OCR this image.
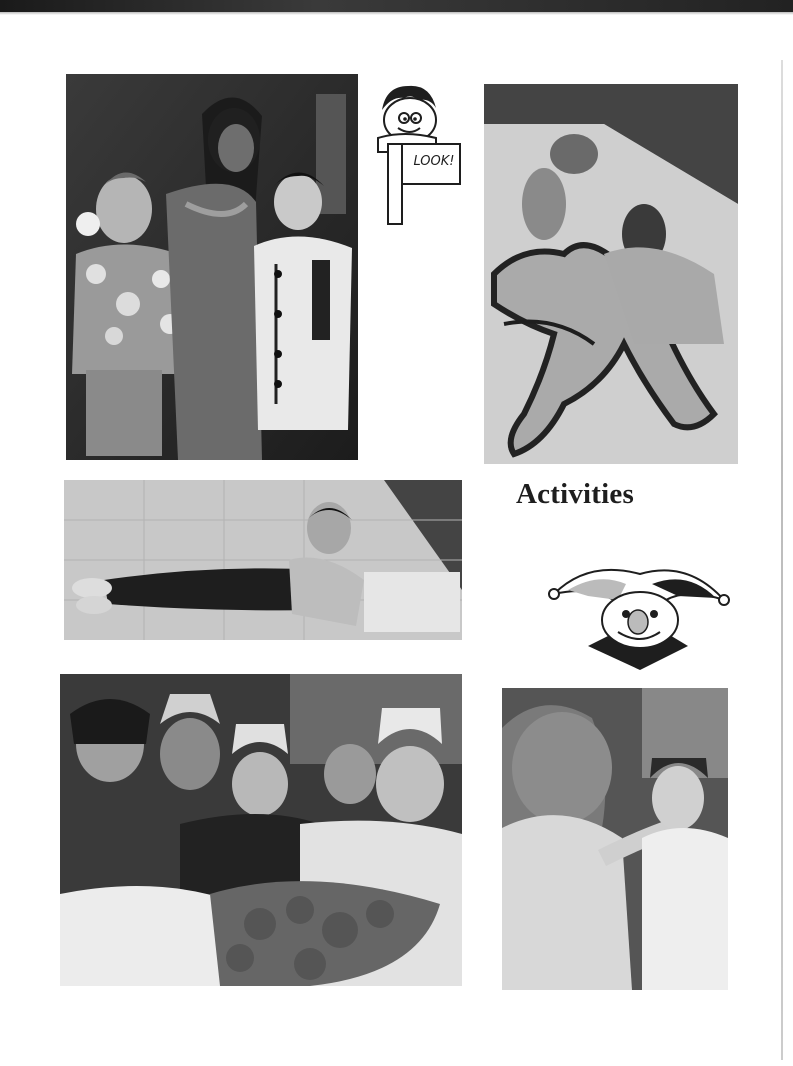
LOOK!
Activities
